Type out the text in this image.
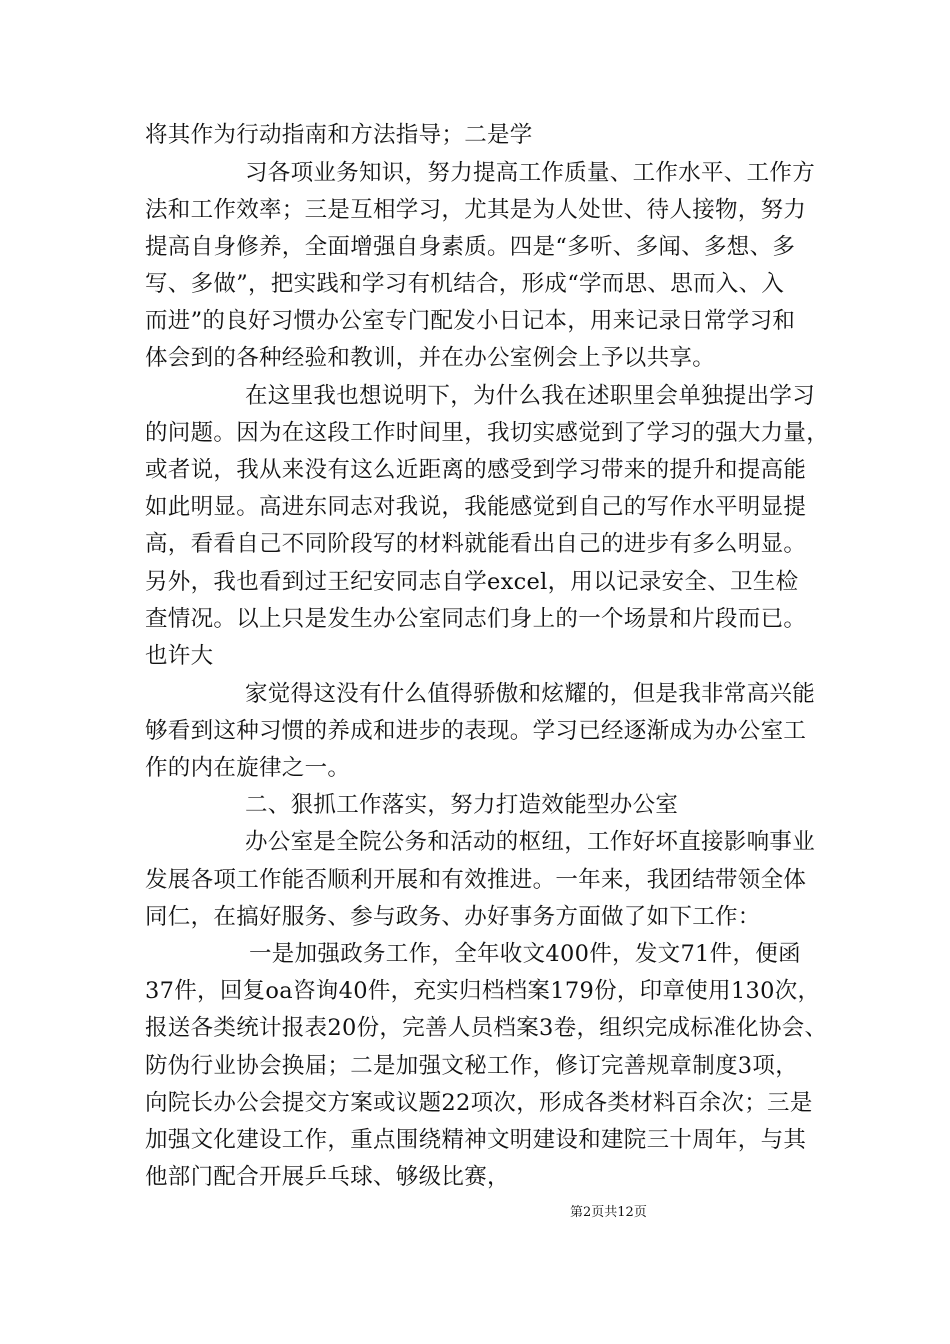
将其作为行动指南和方法指导；二是学
习各项业务知识，努力提高工作质量、工作水平、工作方
法和工作效率；三是互相学习，尤其是为人处世、待人接物，努力
提高自身修养，全面增强自身素质。四是“多听、多闻、多想、多
写、多做”，把实践和学习有机结合，形成“学而思、思而入、入
而进”的良好习惯办公室专门配发小日记本，用来记录日常学习和
体会到的各种经验和教训，并在办公室例会上予以共享。
在这里我也想说明下，为什么我在述职里会单独提出学习
的问题。因为在这段工作时间里，我切实感觉到了学习的强大力量，
或者说，我从来没有这么近距离的感受到学习带来的提升和提高能
如此明显。高进东同志对我说，我能感觉到自己的写作水平明显提
高，看看自己不同阶段写的材料就能看出自己的进步有多么明显。
另外，我也看到过王纪安同志自学excel，用以记录安全、卫生检
查情况。以上只是发生办公室同志们身上的一个场景和片段而已。
也许大
家觉得这没有什么值得骄傲和炫耀的，但是我非常高兴能
够看到这种习惯的养成和进步的表现。学习已经逐渐成为办公室工
作的内在旋律之一。
二、狠抓工作落实，努力打造效能型办公室
办公室是全院公务和活动的枢纽，工作好坏直接影响事业
发展各项工作能否顺利开展和有效推进。一年来，我团结带领全体
同仁，在搞好服务、参与政务、办好事务方面做了如下工作：
一是加强政务工作，全年收文400件，发文71件，便函
37件，回复oa咨询40件，充实归档档案179份，印章使用130次，
报送各类统计报表20份，完善人员档案3卷，组织完成标准化协会、
防伪行业协会换届；二是加强文秘工作，修订完善规章制度3项，
向院长办公会提交方案或议题22项次，形成各类材料百余次；三是
加强文化建设工作，重点围绕精神文明建设和建院三十周年，与其
他部门配合开展乒乓球、够级比赛，
第2页共12页
